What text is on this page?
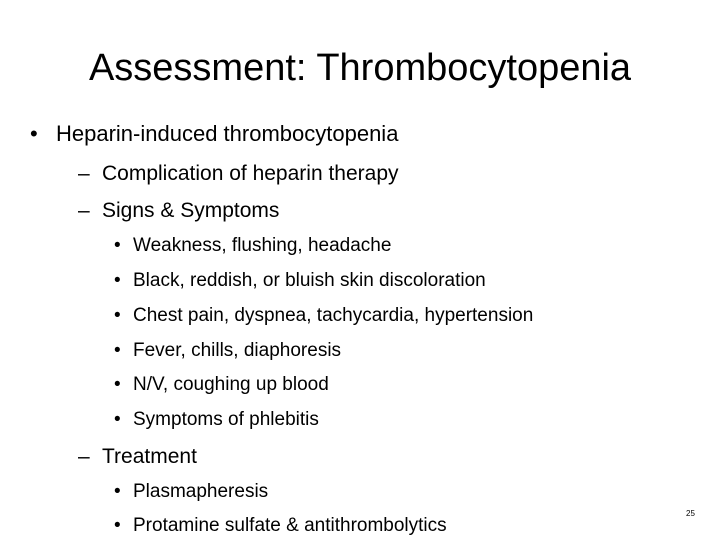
Assessment: Thrombocytopenia
• Heparin-induced thrombocytopenia
– Complication of heparin therapy
– Signs & Symptoms
• Weakness, flushing, headache
• Black, reddish, or bluish skin discoloration
• Chest pain, dyspnea, tachycardia, hypertension
• Fever, chills, diaphoresis
• N/V, coughing up blood
• Symptoms of phlebitis
– Treatment
• Plasmapheresis
• Protamine sulfate & antithrombolytics
25
